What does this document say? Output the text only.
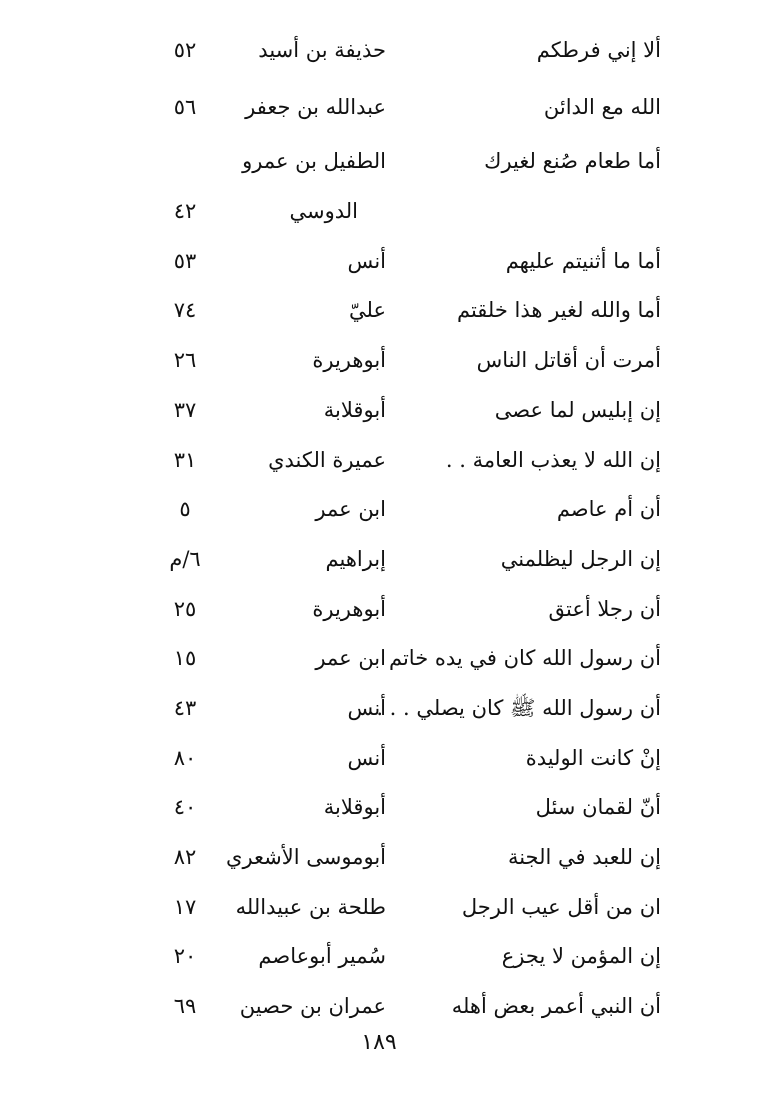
ألا إني فرطكم
حذيفة بن أسيد
٥٢
الله مع الدائن
عبدالله بن جعفر
٥٦
أما طعام صُنع لغيرك
الطفيل بن عمرو
الدوسي
٤٢
أما ما أثنيتم عليهم
أنس
٥٣
أما والله لغير هذا خلقتم
عليّ
٧٤
أمرت أن أقاتل الناس
أبوهريرة
٢٦
إن إبليس لما عصى
أبوقلابة
٣٧
إن الله لا يعذب العامة . .
عميرة الكندي
٣١
أن أم عاصم
ابن عمر
٥
إن الرجل ليظلمني
إبراهيم
٦/م
أن رجلا أعتق
أبوهريرة
٢٥
أن رسول الله كان في يده خاتم
ابن عمر
١٥
أن رسول الله ﷺ كان يصلي . . .
أنس
٤٣
إنْ كانت الوليدة
أنس
٨٠
أنّ لقمان سئل
أبوقلابة
٤٠
إن للعبد في الجنة
أبوموسى الأشعري
٨٢
ان من أقل عيب الرجل
طلحة بن عبيدالله
١٧
إن المؤمن لا يجزع
سُمير أبوعاصم
٢٠
أن النبي أعمر بعض أهله
عمران بن حصين
٦٩
١٨٩
